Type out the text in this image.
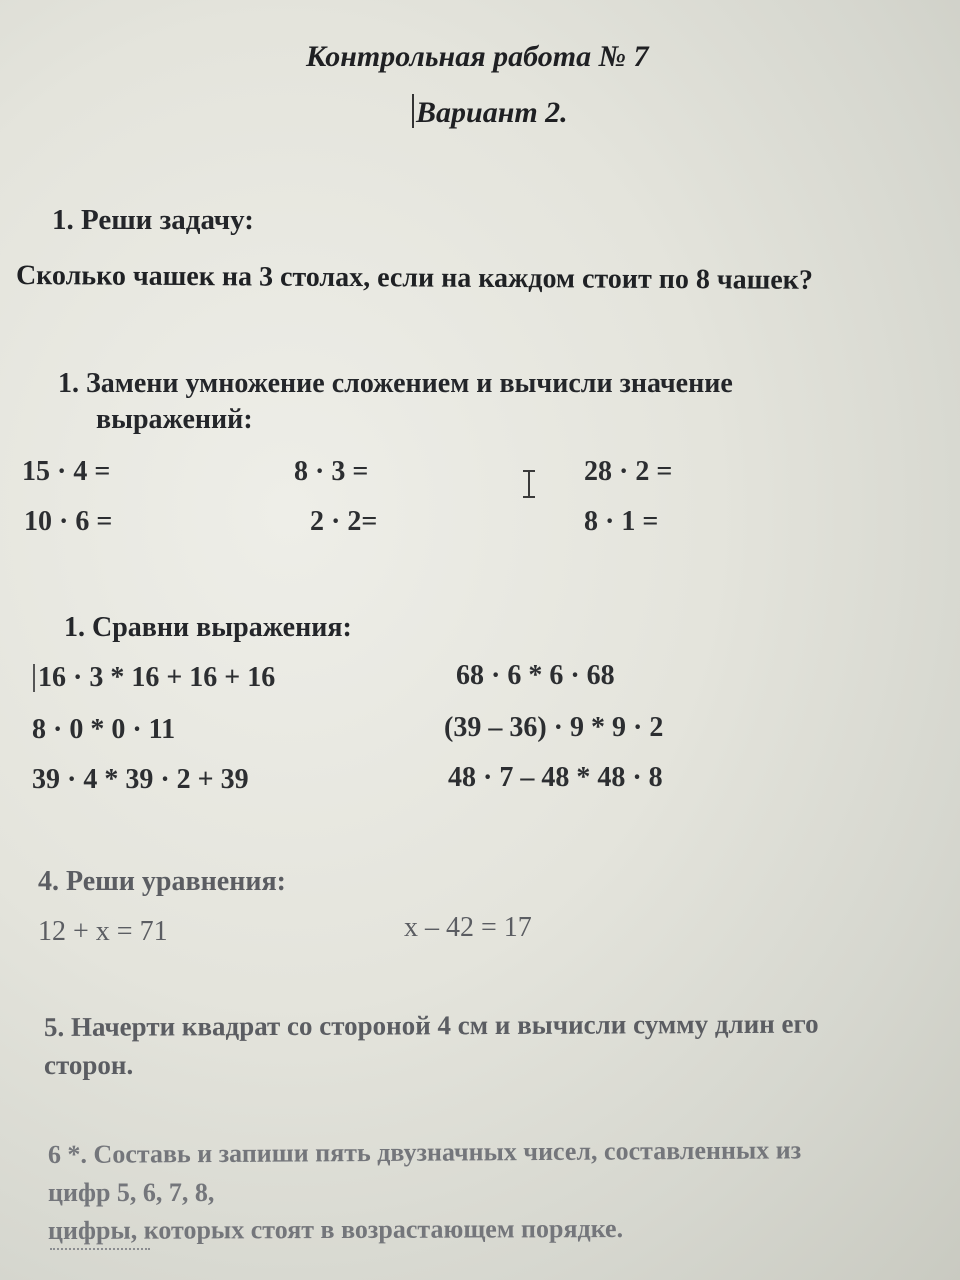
Контрольная работа № 7
Вариант 2.
1. Реши задачу:
Сколько чашек на 3 столах, если на каждом стоит по 8 чашек?
1. Замени умножение сложением и вычисли значение
выражений:
15 · 4 =	8 · 3 =	28 · 2 =
10 · 6 =	2 · 2=	8 · 1 =
1. Сравни выражения:
16 · 3 * 16 + 16 + 16	68 · 6 * 6 · 68
8 · 0 * 0 · 11	(39 – 36) · 9 * 9 · 2
39 · 4 * 39 · 2 + 39	48 · 7 – 48 * 48 · 8
4. Реши уравнения:
12 + x = 71	x – 42 = 17
5. Начерти квадрат со стороной 4 см и вычисли сумму длин его
сторон.
6 *. Составь и запиши пять двузначных чисел, составленных из
цифр 5, 6, 7, 8,
цифры, которых стоят в возрастающем порядке.
